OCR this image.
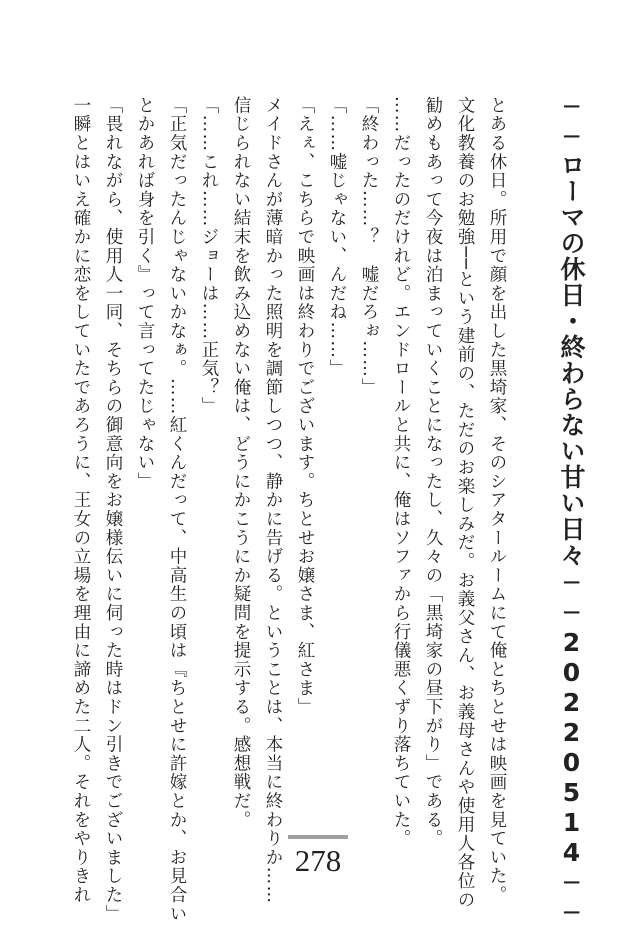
──ローマの休日・終わらない甘い日々──20220514──
とある休日。所用で顔を出した黒埼家、そのシアタールームにて俺とちとせは映画を見ていた。
文化教養のお勉強──という建前の、ただのお楽しみだ。お義父さん、お義母さんや使用人各位の
勧めもあって今夜は泊まっていくことになったし、久々の「黒埼家の昼下がり」である。
……だったのだけれど。エンドロールと共に、俺はソファから行儀悪くずり落ちていた。
「終わった……？　嘘だろぉ……」
「……嘘じゃない、んだね……」
「えぇ、こちらで映画は終わりでございます。ちとせお嬢さま、紅さま」
メイドさんが薄暗かった照明を調節しつつ、静かに告げる。ということは、本当に終わりか……
信じられない結末を飲み込めない俺は、どうにかこうにか疑問を提示する。感想戦だ。
「……これ……ジョーは……正気？」
「正気だったんじゃないかなぁ。……紅くんだって、中高生の頃は『ちとせに許嫁とか、お見合い
とかあれば身を引く』って言ってたじゃない」
「畏れながら、使用人一同、そちらの御意向をお嬢様伝いに伺った時はドン引きでございました」
一瞬とはいえ確かに恋をしていたであろうに、王女の立場を理由に諦めた二人。それをやりきれ	278
